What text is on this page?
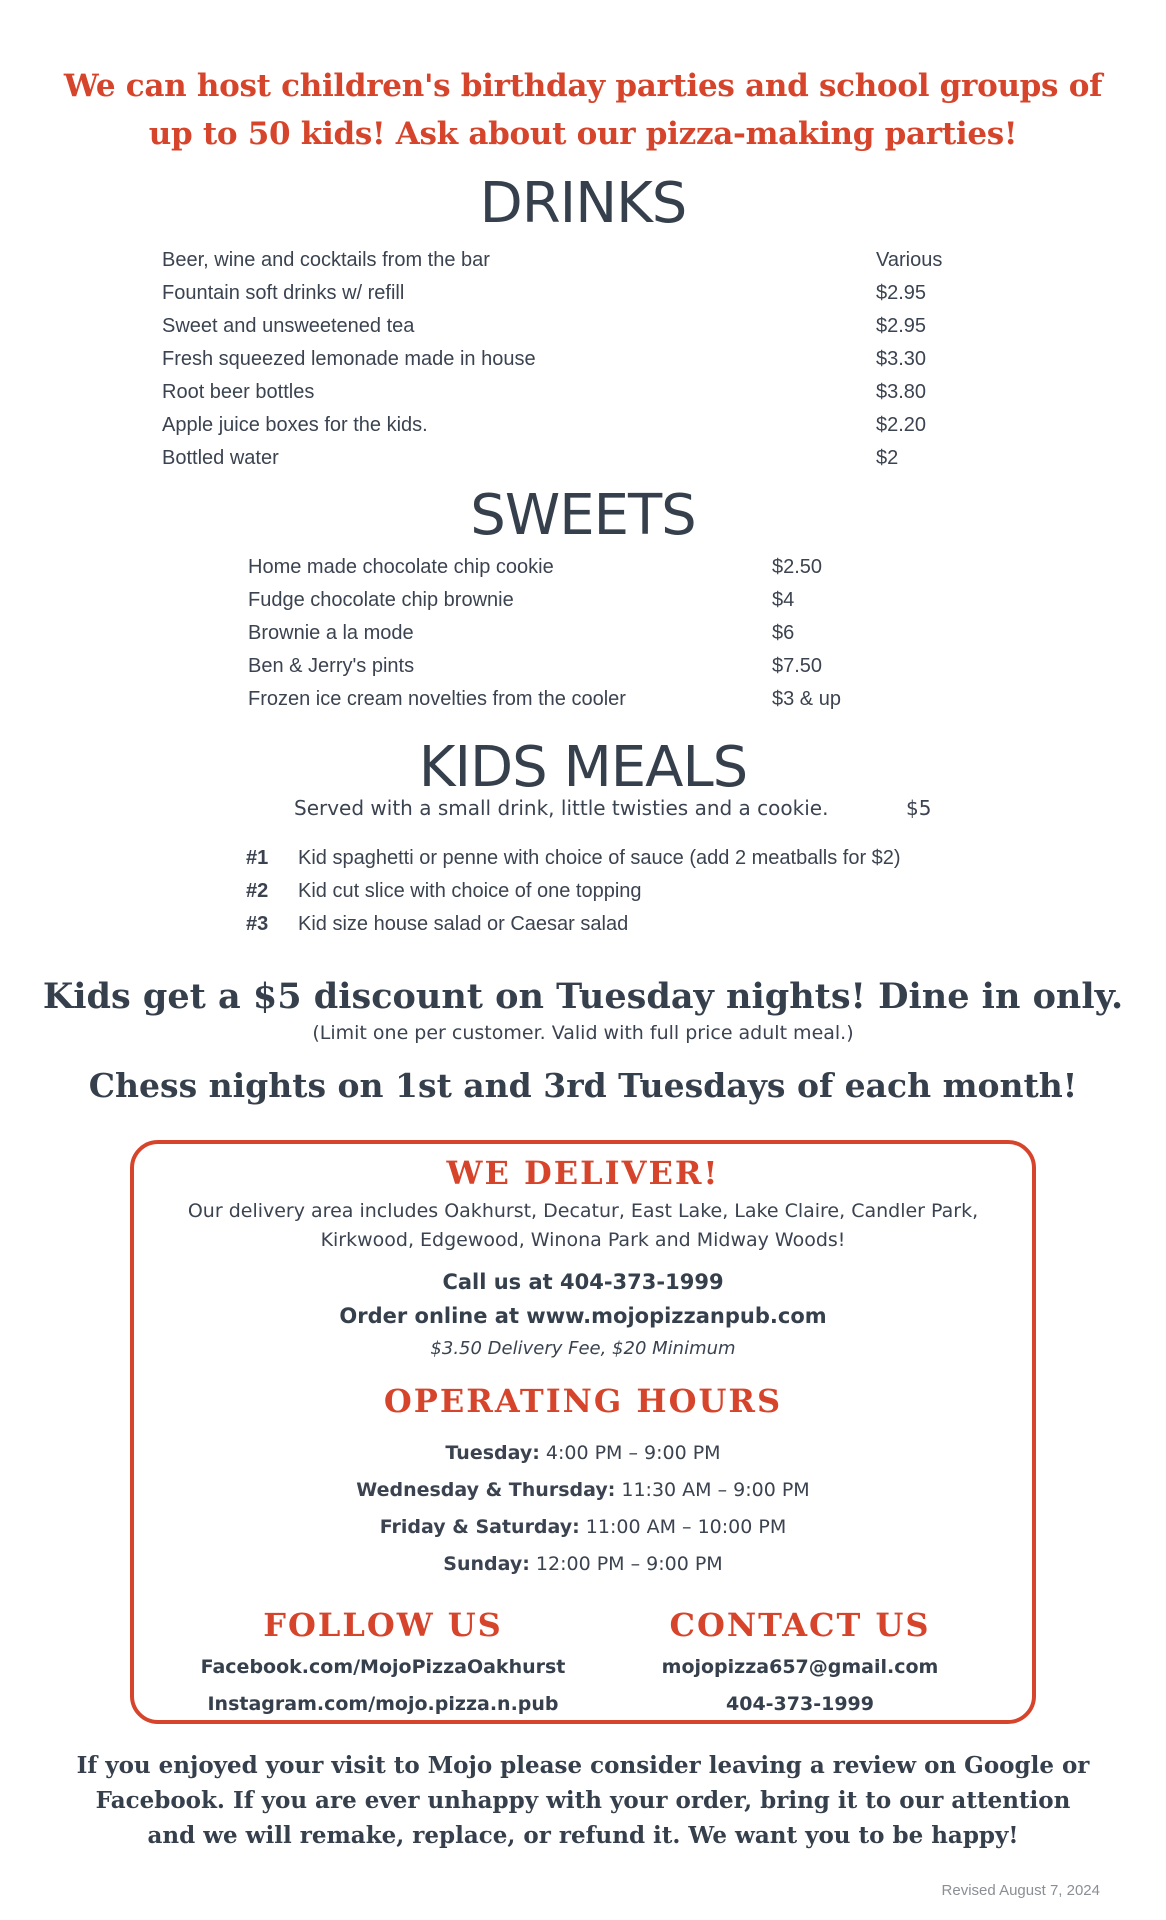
We can host children's birthday parties and school groups of
up to 50 kids! Ask about our pizza-making parties!
DRINKS
Beer, wine and cocktails from the bar	Various
Fountain soft drinks w/ refill	$2.95
Sweet and unsweetened tea	$2.95
Fresh squeezed lemonade made in house	$3.30
Root beer bottles	$3.80
Apple juice boxes for the kids.	$2.20
Bottled water	$2
SWEETS
Home made chocolate chip cookie	$2.50
Fudge chocolate chip brownie	$4
Brownie a la mode	$6
Ben & Jerry's pints	$7.50
Frozen ice cream novelties from the cooler	$3 & up
KIDS MEALS
Served with a small drink, little twisties and a cookie.	$5
#1 Kid spaghetti or penne with choice of sauce (add 2 meatballs for $2)
#2 Kid cut slice with choice of one topping
#3 Kid size house salad or Caesar salad
Kids get a $5 discount on Tuesday nights! Dine in only.
(Limit one per customer. Valid with full price adult meal.)
Chess nights on 1st and 3rd Tuesdays of each month!
WE DELIVER!
Our delivery area includes Oakhurst, Decatur, East Lake, Lake Claire, Candler Park,
Kirkwood, Edgewood, Winona Park and Midway Woods!
Call us at 404-373-1999
Order online at www.mojopizzanpub.com
$3.50 Delivery Fee, $20 Minimum
OPERATING HOURS
Tuesday: 4:00 PM – 9:00 PM
Wednesday & Thursday: 11:30 AM – 9:00 PM
Friday & Saturday: 11:00 AM – 10:00 PM
Sunday: 12:00 PM – 9:00 PM
FOLLOW US
Facebook.com/MojoPizzaOakhurst
Instagram.com/mojo.pizza.n.pub
CONTACT US
mojopizza657@gmail.com
404-373-1999
If you enjoyed your visit to Mojo please consider leaving a review on Google or
Facebook. If you are ever unhappy with your order, bring it to our attention
and we will remake, replace, or refund it. We want you to be happy!
Revised August 7, 2024
